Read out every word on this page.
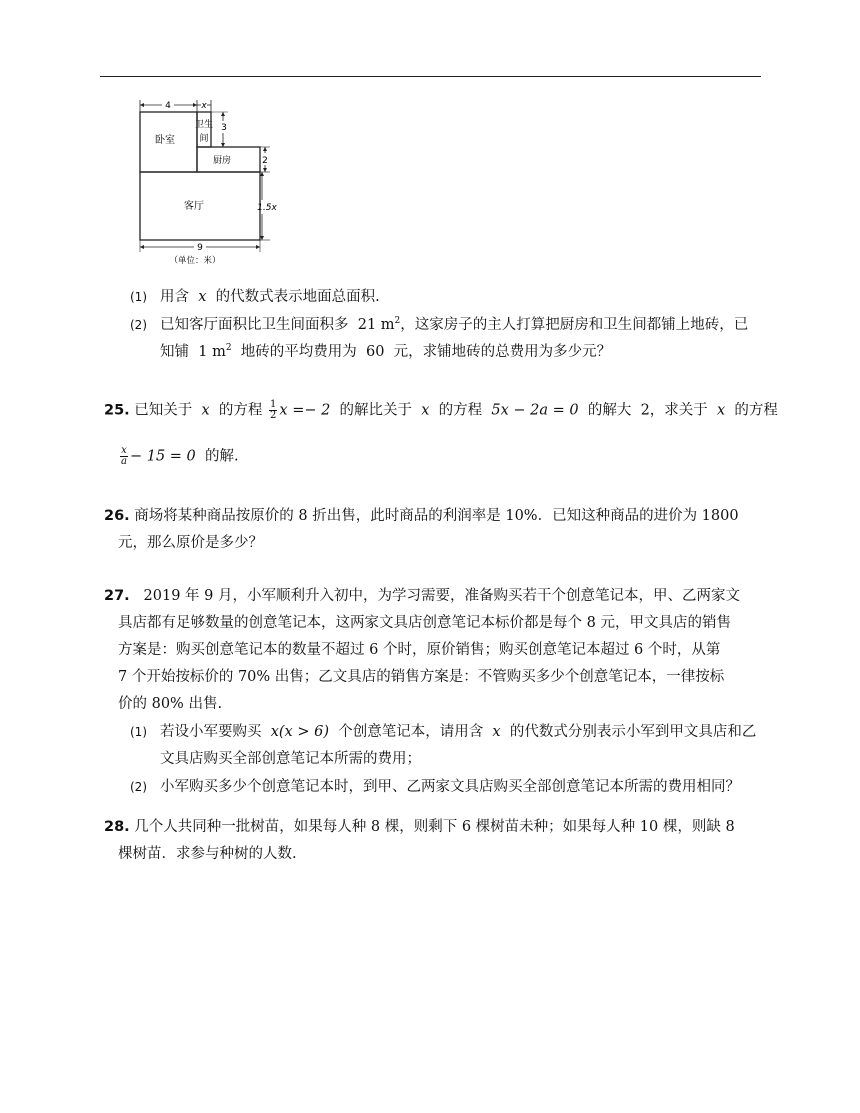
4	x
3
2
1.5x
9
卧室
卫生
间
厨房
客厅
（单位：米）
(1) 用含 x 的代数式表示地面总面积.
(2) 已知客厅面积比卫生间面积多 21 $m^2$，这家房子的主人打算把厨房和卫生间都铺上地砖，已
知铺 1 $m^2$ 地砖的平均费用为 60 元，求铺地砖的总费用为多少元？
25. 已知关于 x 的方程 $\frac{1}{2}$ x =− 2 的解比关于 x 的方程 5x − 2a = 0 的解大 2，求关于 x 的方程
$\frac{x}{a} - 15 = 0$ 的解.
26. 商场将某种商品按原价的 8 折出售，此时商品的利润率是 10%．已知这种商品的进价为 1800
元，那么原价是多少？
27. 2019 年 9 月，小军顺利升入初中，为学习需要，准备购买若干个创意笔记本，甲、乙两家文
具店都有足够数量的创意笔记本，这两家文具店创意笔记本标价都是每个 8 元，甲文具店的销售
方案是：购买创意笔记本的数量不超过 6 个时，原价销售；购买创意笔记本超过 6 个时，从第
7 个开始按标价的 70% 出售；乙文具店的销售方案是：不管购买多少个创意笔记本，一律按标
价的 80% 出售.
(1) 若设小军要购买 x(x > 6) 个创意笔记本，请用含 x 的代数式分别表示小军到甲文具店和乙
文具店购买全部创意笔记本所需的费用；
(2) 小军购买多少个创意笔记本时，到甲、乙两家文具店购买全部创意笔记本所需的费用相同？
28. 几个人共同种一批树苗，如果每人种 8 棵，则剩下 6 棵树苗未种；如果每人种 10 棵，则缺 8
棵树苗．求参与种树的人数.
